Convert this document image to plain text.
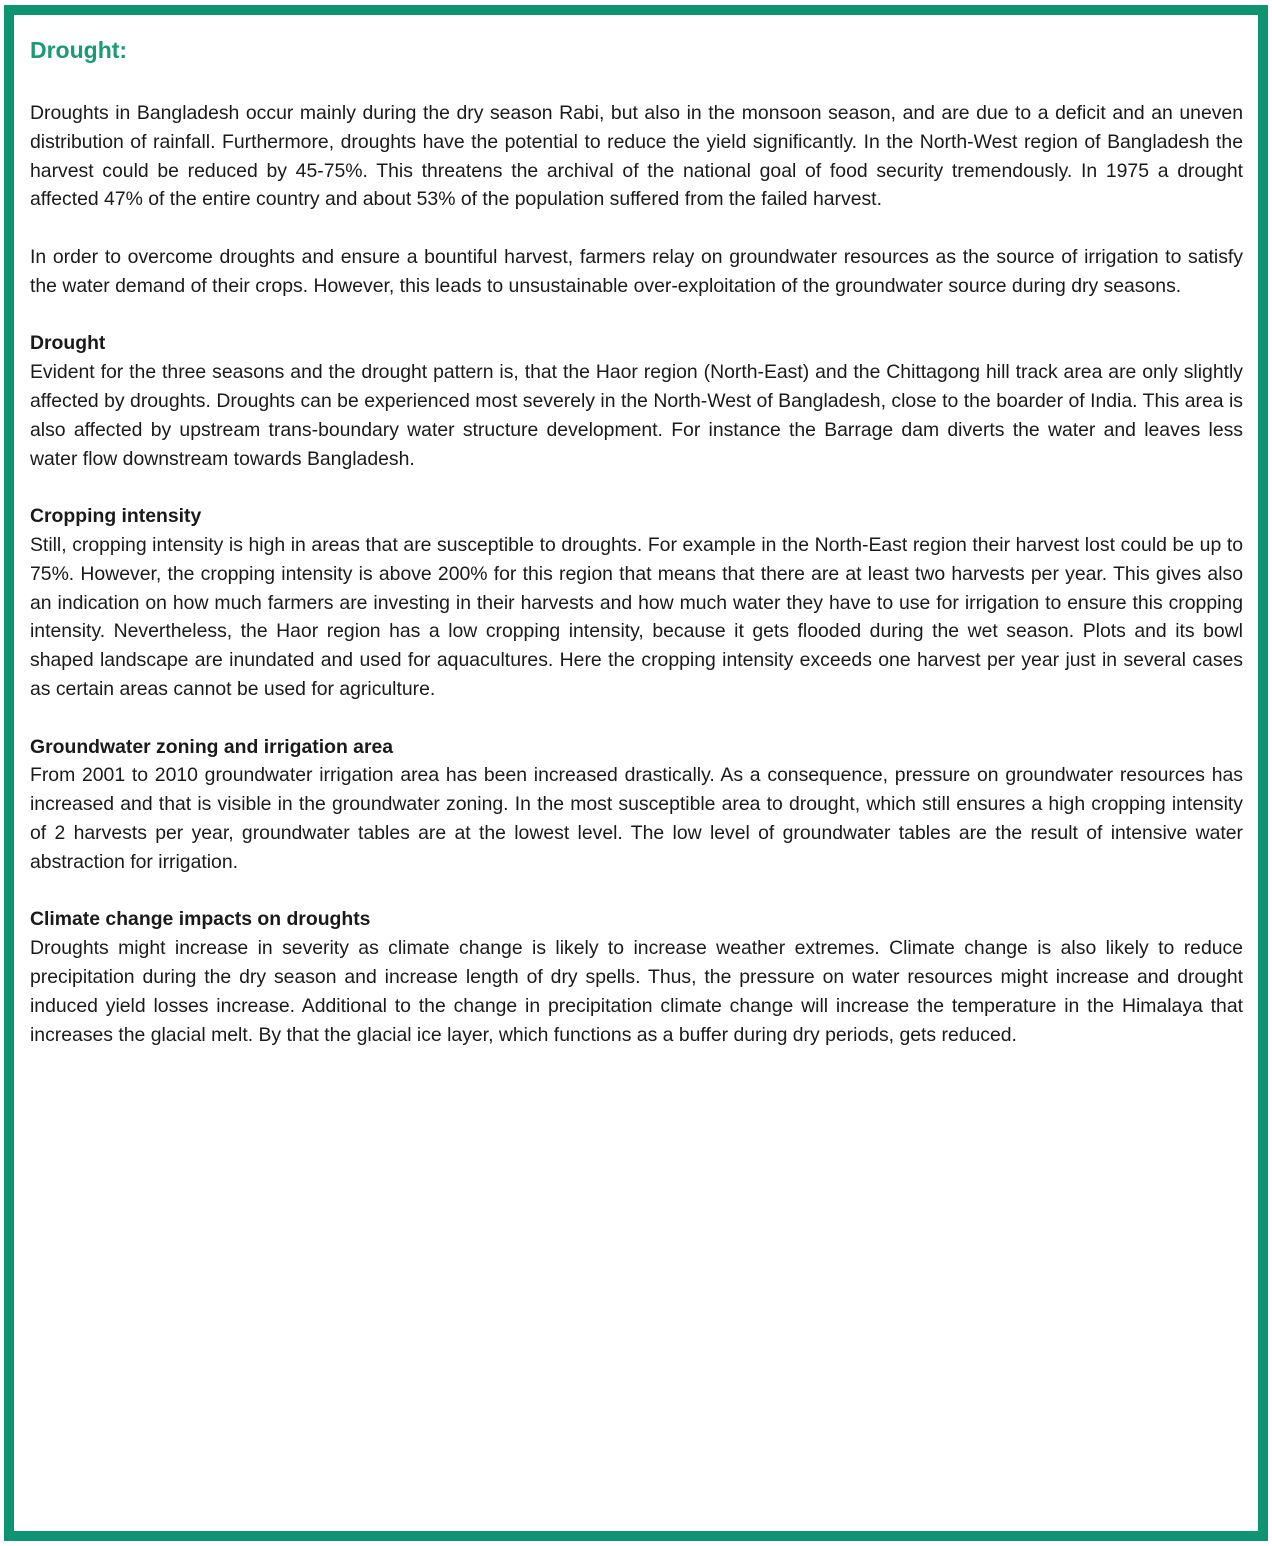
Drought:

Droughts in Bangladesh occur mainly during the dry season Rabi, but also in the monsoon season, and are due to a deficit and an uneven distribution of rainfall. Furthermore, droughts have the potential to reduce the yield significantly. In the North-West region of Bangladesh the harvest could be reduced by 45-75%. This threatens the archival of the national goal of food security tremendously. In 1975 a drought affected 47% of the entire country and about 53% of the population suffered from the failed harvest.

In order to overcome droughts and ensure a bountiful harvest, farmers relay on groundwater resources as the source of irrigation to satisfy the water demand of their crops. However, this leads to unsustainable over-exploitation of the groundwater source during dry seasons.

Drought

Evident for the three seasons and the drought pattern is, that the Haor region (North-East) and the Chittagong hill track area are only slightly affected by droughts. Droughts can be experienced most severely in the North-West of Bangladesh, close to the boarder of India. This area is also affected by upstream trans-boundary water structure development. For instance the Barrage dam diverts the water and leaves less water flow downstream towards Bangladesh.

Cropping intensity

Still, cropping intensity is high in areas that are susceptible to droughts. For example in the North-East region their harvest lost could be up to 75%. However, the cropping intensity is above 200% for this region that means that there are at least two harvests per year. This gives also an indication on how much farmers are investing in their harvests and how much water they have to use for irrigation to ensure this cropping intensity. Nevertheless, the Haor region has a low cropping intensity, because it gets flooded during the wet season. Plots and its bowl shaped landscape are inundated and used for aquacultures. Here the cropping intensity exceeds one harvest per year just in several cases as certain areas cannot be used for agriculture.

Groundwater zoning and irrigation area

From 2001 to 2010 groundwater irrigation area has been increased drastically. As a consequence, pressure on groundwater resources has increased and that is visible in the groundwater zoning. In the most susceptible area to drought, which still ensures a high cropping intensity of 2 harvests per year, groundwater tables are at the lowest level. The low level of groundwater tables are the result of intensive water abstraction for irrigation.

Climate change impacts on droughts

Droughts might increase in severity as climate change is likely to increase weather extremes. Climate change is also likely to reduce precipitation during the dry season and increase length of dry spells. Thus, the pressure on water resources might increase and drought induced yield losses increase. Additional to the change in precipitation climate change will increase the temperature in the Himalaya that increases the glacial melt. By that the glacial ice layer, which functions as a buffer during dry periods, gets reduced.
